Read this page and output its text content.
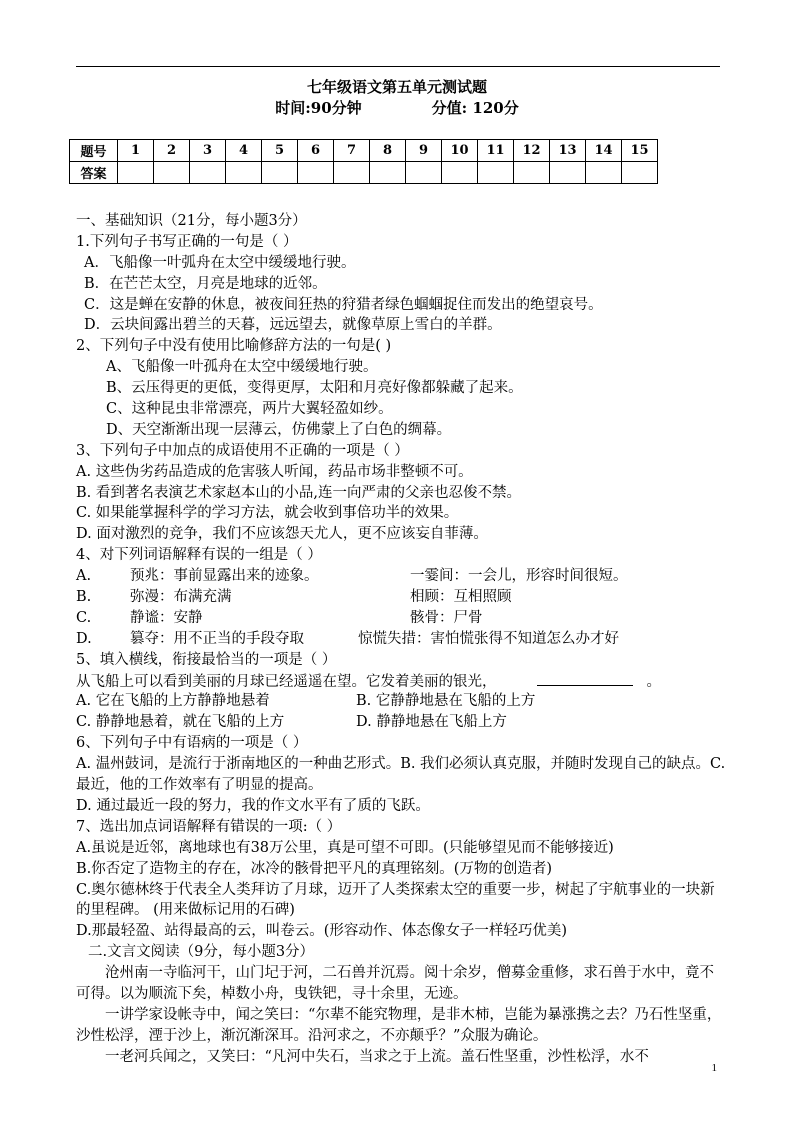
七年级语文第五单元测试题
时间:90分钟	分值: 120分
题号	1	2	3	4	5	6	7	8	9	10	11	12	13	14	15
答案															
一、基础知识（21分，每小题3分）
1.下列句子书写正确的一句是（ ）
A．飞船像一叶弧舟在太空中缓缓地行驶。
B．在芒芒太空，月亮是地球的近邻。
C．这是蝉在安静的休息，被夜间狂热的狩猎者绿色蝈蝈捉住而发出的绝望哀号。
D．云块间露出碧兰的天暮，远远望去，就像草原上雪白的羊群。
2、下列句子中没有使用比喻修辞方法的一句是( )
A、飞船像一叶孤舟在太空中缓缓地行驶。
B、云压得更的更低，变得更厚，太阳和月亮好像都躲藏了起来。
C、这种昆虫非常漂亮，两片大翼轻盈如纱。
D、天空渐渐出现一层薄云，仿佛蒙上了白色的绸幕。
3、下列句子中加点的成语使用不正确的一项是（ ）
A. 这些伪劣药品造成的危害骇人听闻，药品市场非整顿不可。
B. 看到著名表演艺术家赵本山的小品,连一向严肃的父亲也忍俊不禁。
C. 如果能掌握科学的学习方法，就会收到事倍功半的效果。
D. 面对激烈的竞争，我们不应该怨天尤人，更不应该妄自菲薄。
4、对下列词语解释有误的一组是（ ）
A.	预兆：事前显露出来的迹象。	一霎间：一会儿，形容时间很短。
B.	弥漫：布满充满	相顾：互相照顾
C.	静谧：安静	骸骨：尸骨
D.	篡夺：用不正当的手段夺取	惊慌失措：害怕慌张得不知道怎么办才好
5、填入横线，衔接最恰当的一项是（ ）
从飞船上可以看到美丽的月球已经遥遥在望。它发着美丽的银光，	。
A. 它在飞船的上方静静地悬着	B. 它静静地悬在飞船的上方
C. 静静地悬着，就在飞船的上方	D. 静静地悬在飞船上方
6、下列句子中有语病的一项是（ ）
A. 温州鼓词，是流行于浙南地区的一种曲艺形式。B. 我们必须认真克服，并随时发现自己的缺点。C. 最近，他的工作效率有了明显的提高。
D. 通过最近一段的努力，我的作文水平有了质的飞跃。
7、选出加点词语解释有错误的一项:（ ）
A.虽说是近邻，离地球也有38万公里，真是可望不可即。(只能够望见而不能够接近)
B.你否定了造物主的存在，冰冷的骸骨把平凡的真理铭刻。(万物的创造者)
C.奥尔德林终于代表全人类拜访了月球，迈开了人类探索太空的重要一步，树起了宇航事业的一块新的里程碑。 (用来做标记用的石碑)
D.那最轻盈、站得最高的云，叫卷云。(形容动作、体态像女子一样轻巧优美)
二.文言文阅读（9分，每小题3分）
沧州南一寺临河干，山门圮于河，二石兽并沉焉。阅十余岁，僧募金重修，求石兽于水中，竟不可得。以为顺流下矣，棹数小舟，曳铁钯，寻十余里，无迹。
一讲学家设帐寺中，闻之笑曰：“尔辈不能究物理，是非木柿，岂能为暴涨携之去？乃石性坚重，沙性松浮，湮于沙上，渐沉渐深耳。沿河求之，不亦颠乎？”众服为确论。
一老河兵闻之，又笑曰：“凡河中失石，当求之于上流。盖石性坚重，沙性松浮，水不
1
